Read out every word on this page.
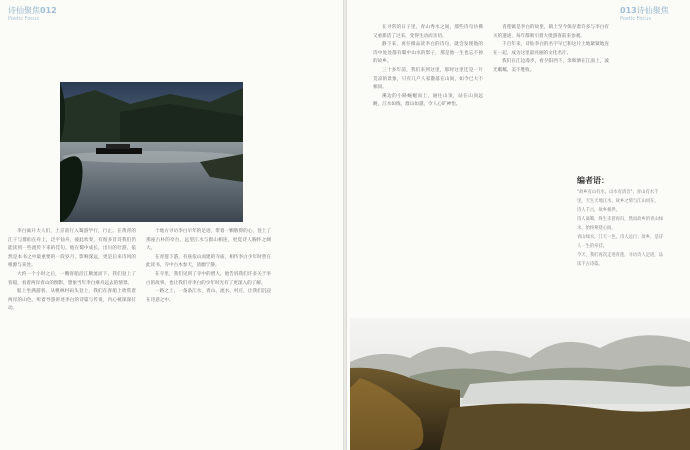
诗仙聚焦012
Poetic Focus
013诗仙聚焦
Poetic Focus

李白离开大人们，上京前行入蜀游学行，行止。在黄背的江干与群仙在舟上，泛平仙舟，彼此吹奏，有很多首诗我们仍能读到一些流传下来的佳句。他在蜀中成长，出川的壮游，依然是本书之中最重要的一段岁月，影响深远，更是后来诗风的根源与来处。

大约一个小时之后，一艘客船沿江顺流而下，我们登上了客船，看着两岸青山的倒影，想象当年李白乘舟远去的情景。

船上坐满游客，从桃林村码头登上，我们在客船上欣赏着两岸的山色，听着导游讲述李白的诗篇与传说，内心被深深打动。

个地方寻访李白早年的足迹，带着一颗敬仰的心，登上了那座古朴的亭台，远望江水与群山相连，更觉诗人胸怀之阔大。

在青莲下游，有座依山而建的寺庙，相传李白少年时曾在此读书，寺中古木参天，清幽宁静。

在寺里，我们见到了寺中的僧人，他告诉我们许多关于李白的故事，也让我们对李白的少年时光有了更深入的了解。

一路之上，一条条江水，青山、流水、村庄，让我们沉浸在诗意之中。

在寻常的日子里，青山秀水之间，那些诗句仿佛又重新活了过来，变得生动而亲切。

静下来，再仔细品读李白的诗句，就会发现他的诗中处处都有蜀中山水的影子，那是他一生也忘不掉的故乡。

三十多年前，我们来到这里，那时这里还是一片荒凉的景象，只有几户人家散落在山间，如今已大不相同。

溪边的小路蜿蜒而上，通往山顶，站在山顶远眺，江水如练，群山如黛，令人心旷神怡。

青莲镇是李白的故里，镇上至今保存着许多与李白有关的遗迹，每年都吸引着大批游客前来参观。

千百年来，诗仙李白的名字早已和这片土地紧紧地连在一起，成为这里最亮丽的文化名片。

我们在江边漫步，看夕阳西下，余晖洒在江面上，波光粼粼，美不胜收。

编者语：

"故乡有山有水，山水有清音"；青山有水千里，天生天地江水，故乡之情与江山同在。

诗人千古，故乡相伴。

诗人离蜀，终生未曾再归，然而故乡的青山绿水，始终萦绕心间。

青山绿水，江天一色，诗人远行；故乡，是诗人一生的牵挂。

今天，我们再次走进青莲，寻访诗人足迹，品读千古诗篇。
